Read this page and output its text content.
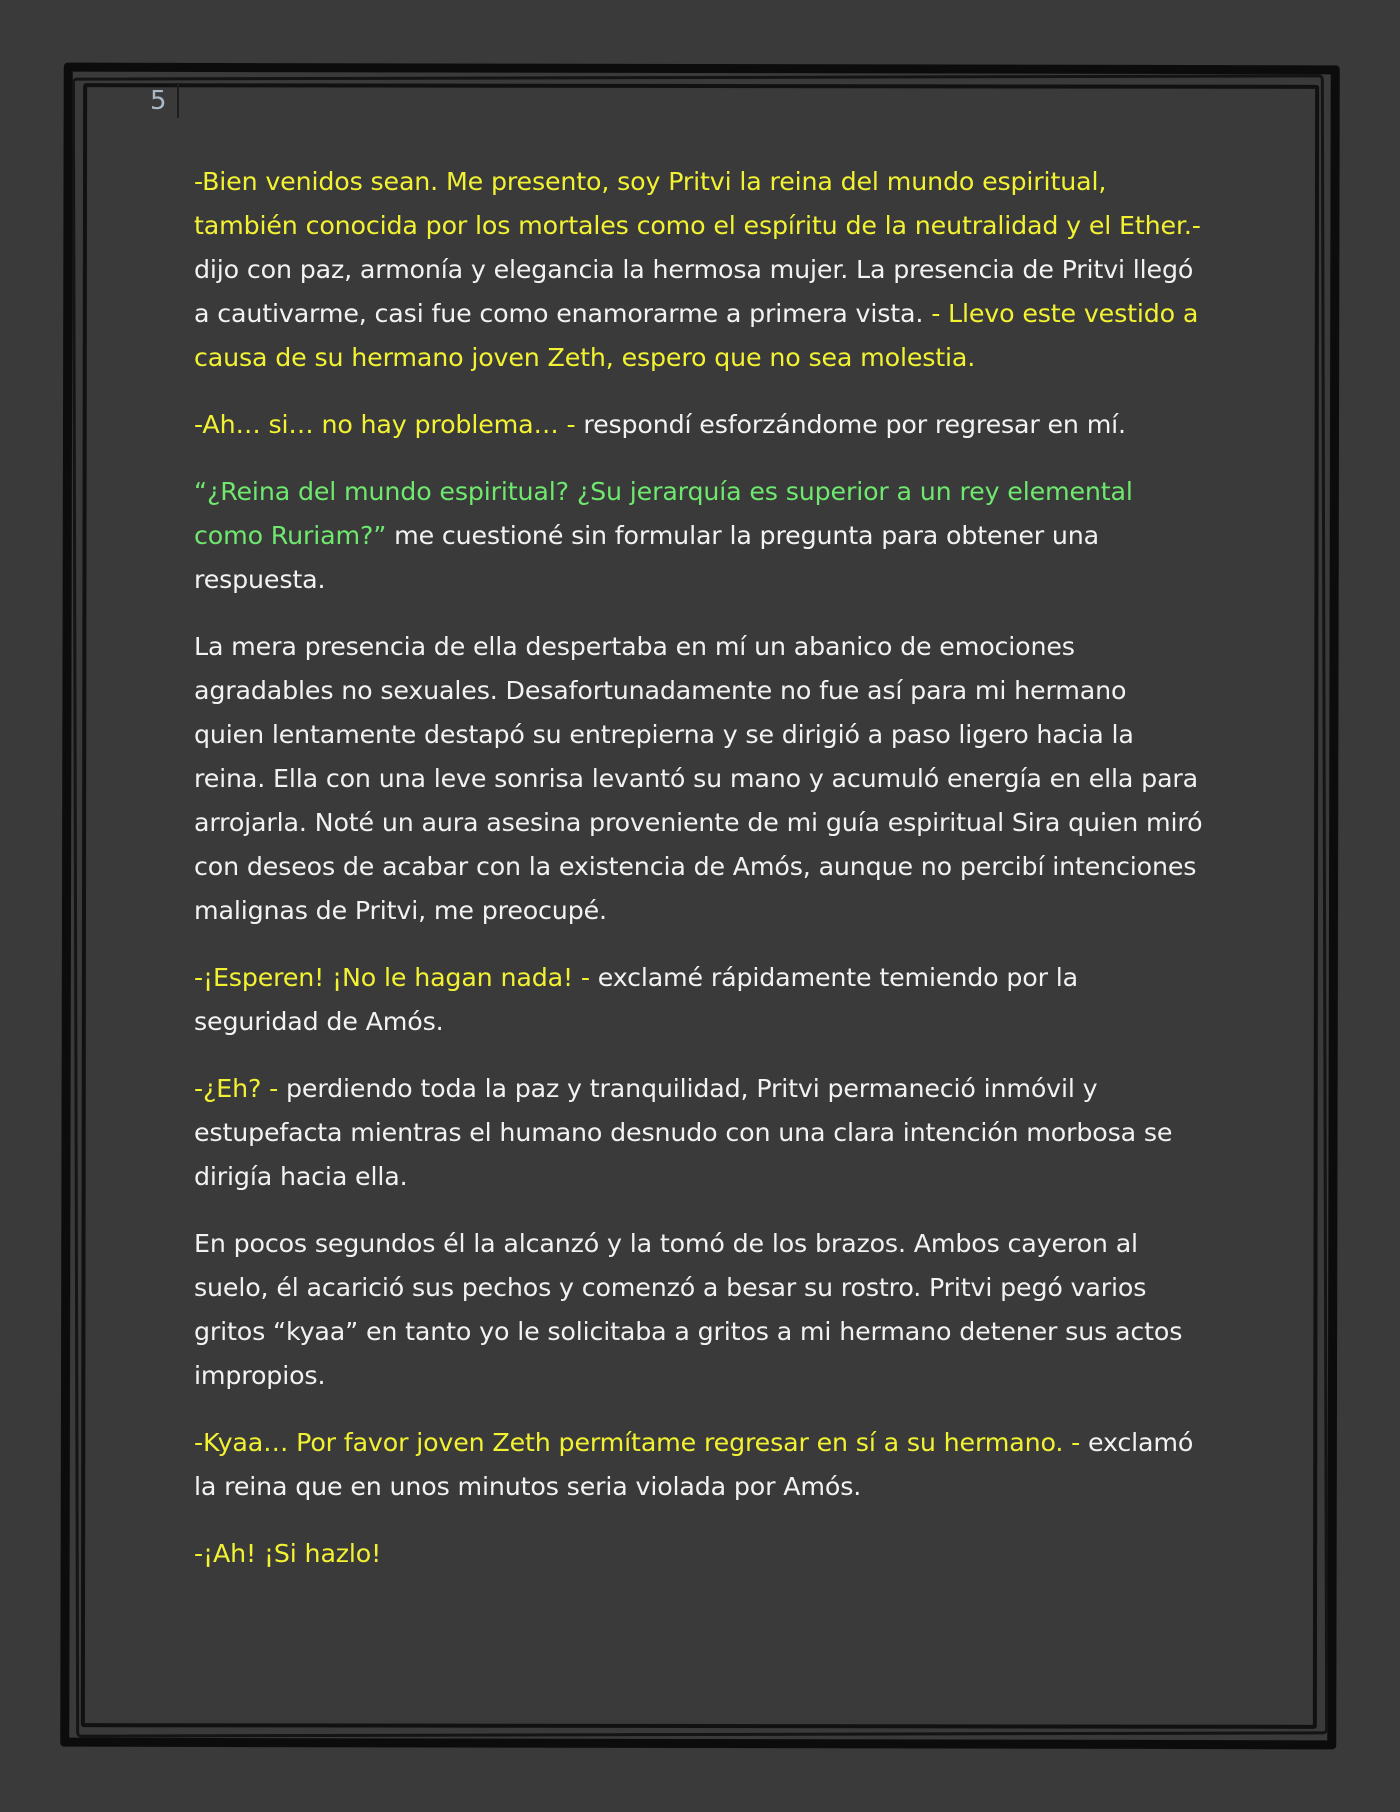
5

-Bien venidos sean. Me presento, soy Pritvi la reina del mundo espiritual, también conocida por los mortales como el espíritu de la neutralidad y el Ether.- dijo con paz, armonía y elegancia la hermosa mujer. La presencia de Pritvi llegó a cautivarme, casi fue como enamorarme a primera vista. - Llevo este vestido a causa de su hermano joven Zeth, espero que no sea molestia.

-Ah… si… no hay problema… - respondí esforzándome por regresar en mí.

“¿Reina del mundo espiritual? ¿Su jerarquía es superior a un rey elemental como Ruriam?” me cuestioné sin formular la pregunta para obtener una respuesta.

La mera presencia de ella despertaba en mí un abanico de emociones agradables no sexuales. Desafortunadamente no fue así para mi hermano quien lentamente destapó su entrepierna y se dirigió a paso ligero hacia la reina. Ella con una leve sonrisa levantó su mano y acumuló energía en ella para arrojarla. Noté un aura asesina proveniente de mi guía espiritual Sira quien miró con deseos de acabar con la existencia de Amós, aunque no percibí intenciones malignas de Pritvi, me preocupé.

-¡Esperen! ¡No le hagan nada! - exclamé rápidamente temiendo por la seguridad de Amós.

-¿Eh? - perdiendo toda la paz y tranquilidad, Pritvi permaneció inmóvil y estupefacta mientras el humano desnudo con una clara intención morbosa se dirigía hacia ella.

En pocos segundos él la alcanzó y la tomó de los brazos. Ambos cayeron al suelo, él acarició sus pechos y comenzó a besar su rostro. Pritvi pegó varios gritos “kyaa” en tanto yo le solicitaba a gritos a mi hermano detener sus actos impropios.

-Kyaa… Por favor joven Zeth permítame regresar en sí a su hermano. - exclamó la reina que en unos minutos seria violada por Amós.

-¡Ah! ¡Si hazlo!
